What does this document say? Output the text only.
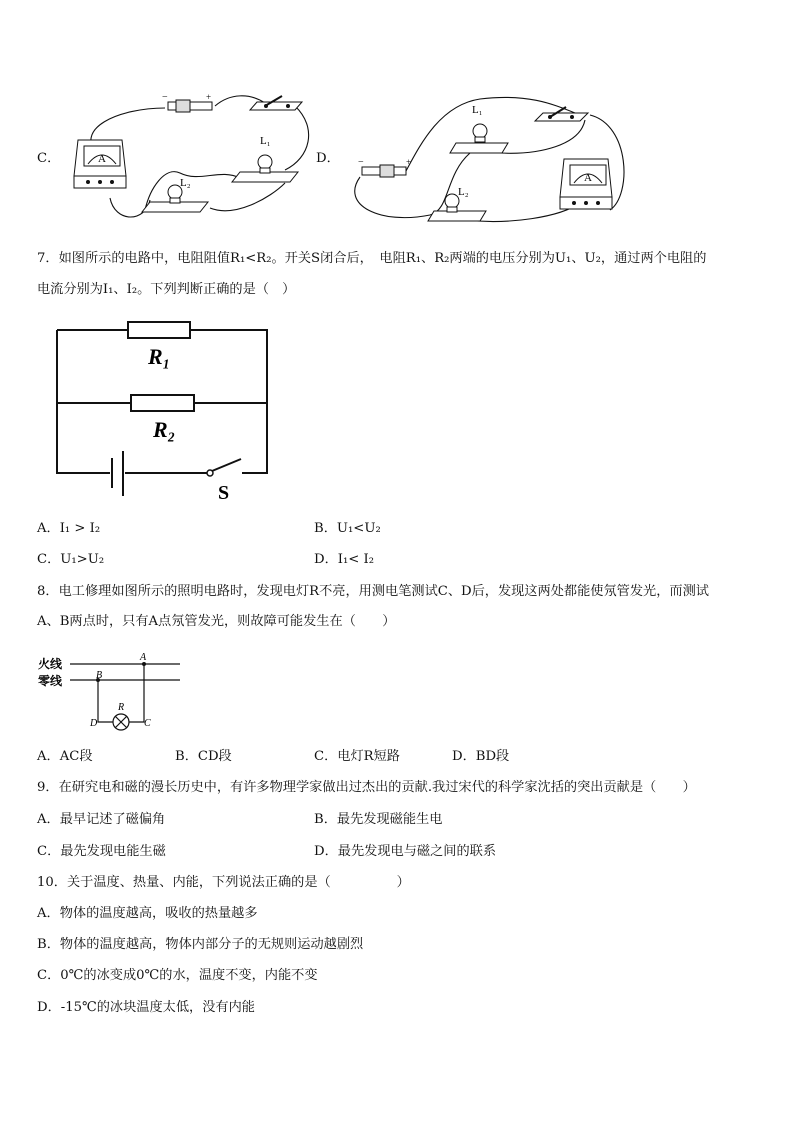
C．	D．
−	+
A
L₁
L₂
−	+
L₁
L₂
A
7．如图所示的电路中，电阻阻值R₁<R₂。开关S闭合后，　电阻R₁、R₂两端的电压分别为U₁、U₂，通过两个电阻的
电流分别为I₁、I₂。下列判断正确的是（　）
R₁
R₂
S
A．I₁ > I₂	B．U₁<U₂
C．U₁>U₂	D．I₁< I₂
8．电工修理如图所示的照明电路时，发现电灯R不亮，用测电笔测试C、D后，发现这两处都能使氖管发光，而测试
A、B两点时，只有A点氖管发光，则故障可能发生在（　　）
火线
零线
A
B
R
C
D
A．AC段	B．CD段	C．电灯R短路	D．BD段
9．在研究电和磁的漫长历史中，有许多物理学家做出过杰出的贡献.我过宋代的科学家沈括的突出贡献是（　　）
A．最早记述了磁偏角	B．最先发现磁能生电
C．最先发现电能生磁	D．最先发现电与磁之间的联系
10．关于温度、热量、内能，下列说法正确的是（　　　　　）
A．物体的温度越高，吸收的热量越多
B．物体的温度越高，物体内部分子的无规则运动越剧烈
C．0℃的冰变成0℃的水，温度不变，内能不变
D．-15℃的冰块温度太低，没有内能
